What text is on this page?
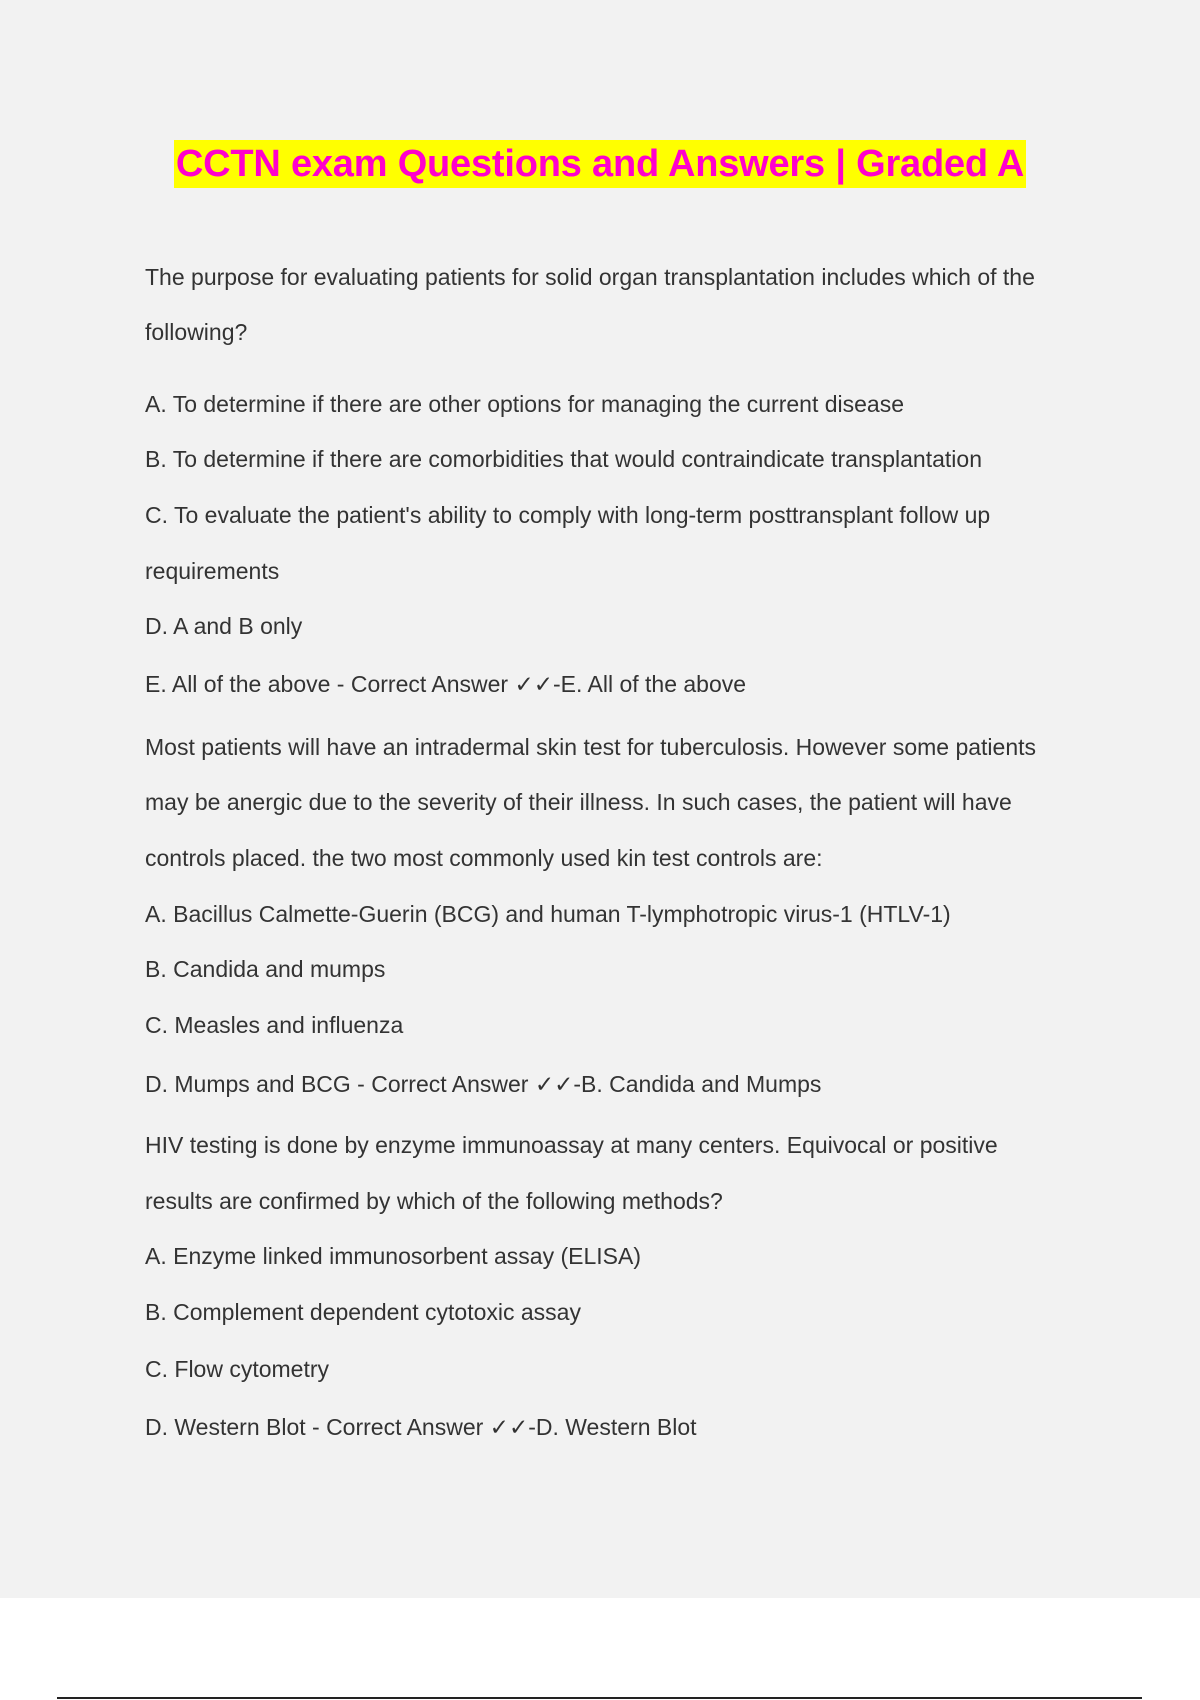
CCTN exam Questions and Answers | Graded A
The purpose for evaluating patients for solid organ transplantation includes which of the
following?
A. To determine if there are other options for managing the current disease
B. To determine if there are comorbidities that would contraindicate transplantation
C. To evaluate the patient's ability to comply with long-term posttransplant follow up
requirements
D. A and B only
E. All of the above - Correct Answer ✓✓-E. All of the above
Most patients will have an intradermal skin test for tuberculosis. However some patients
may be anergic due to the severity of their illness. In such cases, the patient will have
controls placed. the two most commonly used kin test controls are:
A. Bacillus Calmette-Guerin (BCG) and human T-lymphotropic virus-1 (HTLV-1)
B. Candida and mumps
C. Measles and influenza
D. Mumps and BCG - Correct Answer ✓✓-B. Candida and Mumps
HIV testing is done by enzyme immunoassay at many centers. Equivocal or positive
results are confirmed by which of the following methods?
A. Enzyme linked immunosorbent assay (ELISA)
B. Complement dependent cytotoxic assay
C. Flow cytometry
D. Western Blot - Correct Answer ✓✓-D. Western Blot
